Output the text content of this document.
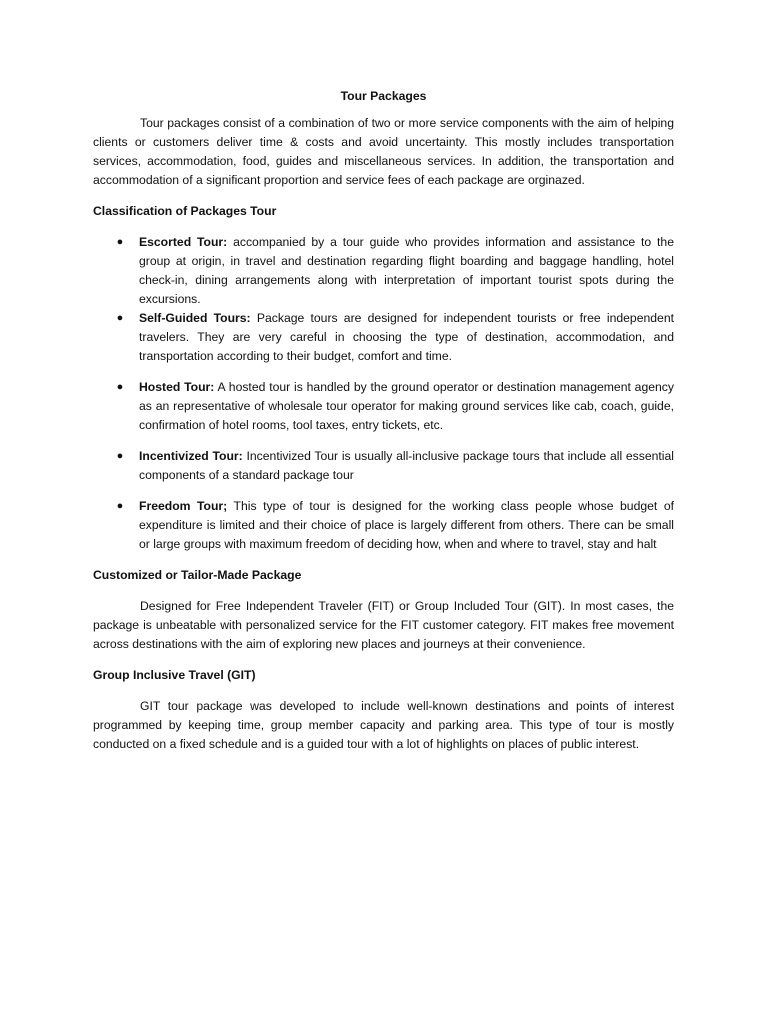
Tour Packages

Tour packages consist of a combination of two or more service components with the aim of helping clients or customers deliver time & costs and avoid uncertainty. This mostly includes transportation services, accommodation, food, guides and miscellaneous services. In addition, the transportation and accommodation of a significant proportion and service fees of each package are orginazed.

Classification of Packages Tour
● Escorted Tour: accompanied by a tour guide who provides information and assistance to the group at origin, in travel and destination regarding flight boarding and baggage handling, hotel check-in, dining arrangements along with interpretation of important tourist spots during the excursions.
● Self-Guided Tours: Package tours are designed for independent tourists or free independent travelers. They are very careful in choosing the type of destination, accommodation, and transportation according to their budget, comfort and time.
● Hosted Tour: A hosted tour is handled by the ground operator or destination management agency as an representative of wholesale tour operator for making ground services like cab, coach, guide, confirmation of hotel rooms, tool taxes, entry tickets, etc.
● Incentivized Tour: Incentivized Tour is usually all-inclusive package tours that include all essential components of a standard package tour
● Freedom Tour; This type of tour is designed for the working class people whose budget of expenditure is limited and their choice of place is largely different from others. There can be small or large groups with maximum freedom of deciding how, when and where to travel, stay and halt
Customized or Tailor-Made Package

Designed for Free Independent Traveler (FIT) or Group Included Tour (GIT). In most cases, the package is unbeatable with personalized service for the FIT customer category. FIT makes free movement across destinations with the aim of exploring new places and journeys at their convenience.

Group Inclusive Travel (GIT)

GIT tour package was developed to include well-known destinations and points of interest programmed by keeping time, group member capacity and parking area. This type of tour is mostly conducted on a fixed schedule and is a guided tour with a lot of highlights on places of public interest.
